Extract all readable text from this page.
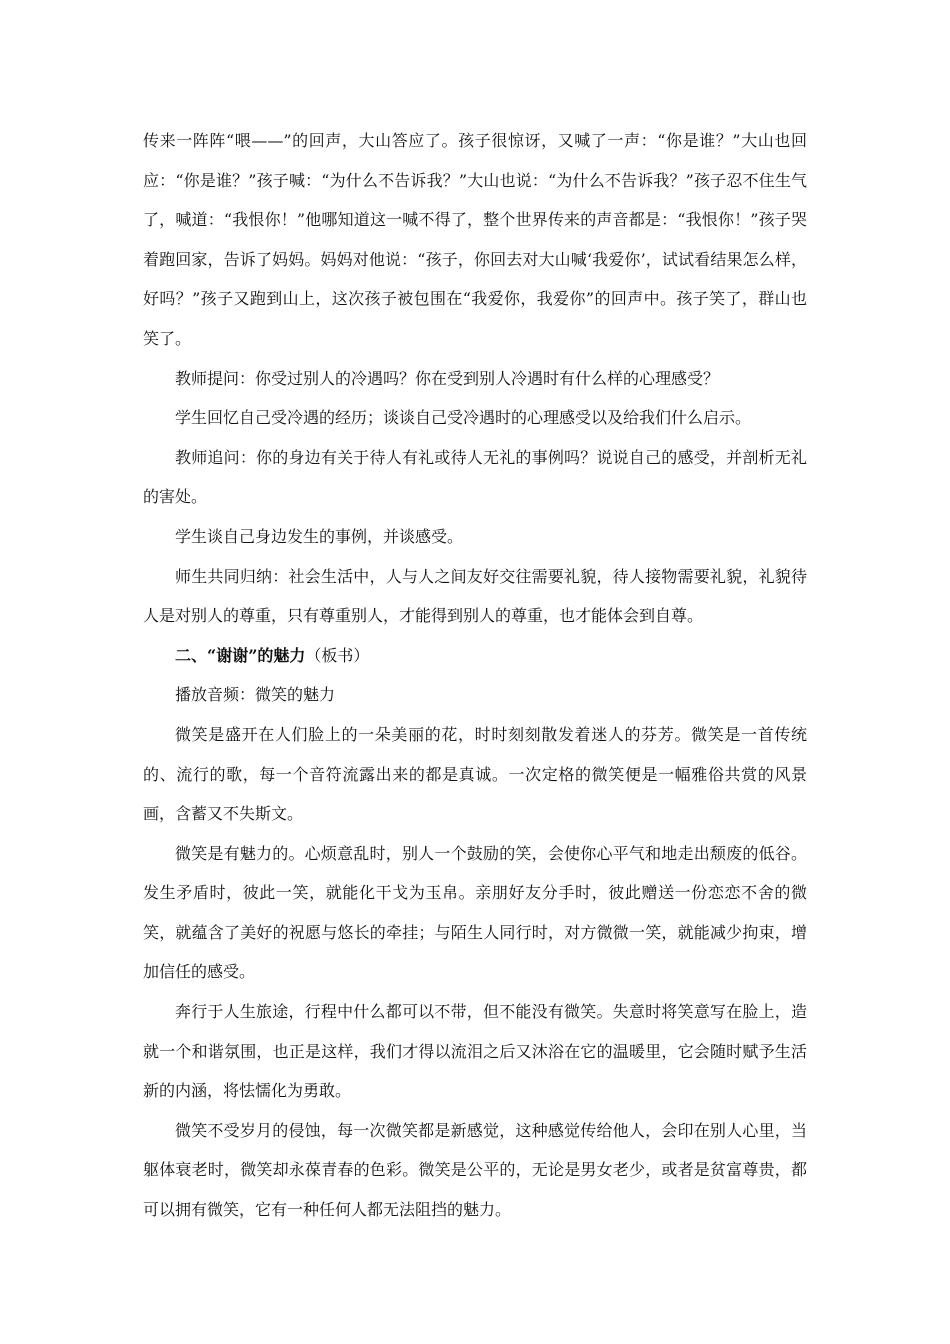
传来一阵阵“喂——”的回声，大山答应了。孩子很惊讶，又喊了一声：“你是谁？”大山也回应：“你是谁？”孩子喊：“为什么不告诉我？”大山也说：“为什么不告诉我？”孩子忍不住生气了，喊道：“我恨你！”他哪知道这一喊不得了，整个世界传来的声音都是：“我恨你！”孩子哭着跑回家，告诉了妈妈。妈妈对他说：“孩子，你回去对大山喊‘我爱你’，试试看结果怎么样，好吗？”孩子又跑到山上，这次孩子被包围在“我爱你，我爱你”的回声中。孩子笑了，群山也笑了。

教师提问：你受过别人的冷遇吗？你在受到别人冷遇时有什么样的心理感受？

学生回忆自己受冷遇的经历；谈谈自己受冷遇时的心理感受以及给我们什么启示。

教师追问：你的身边有关于待人有礼或待人无礼的事例吗？说说自己的感受，并剖析无礼的害处。

学生谈自己身边发生的事例，并谈感受。

师生共同归纳：社会生活中，人与人之间友好交往需要礼貌，待人接物需要礼貌，礼貌待人是对别人的尊重，只有尊重别人，才能得到别人的尊重，也才能体会到自尊。

二、“谢谢”的魅力（板书）

播放音频：微笑的魅力

微笑是盛开在人们脸上的一朵美丽的花，时时刻刻散发着迷人的芬芳。微笑是一首传统的、流行的歌，每一个音符流露出来的都是真诚。一次定格的微笑便是一幅雅俗共赏的风景画，含蓄又不失斯文。

微笑是有魅力的。心烦意乱时，别人一个鼓励的笑，会使你心平气和地走出颓废的低谷。发生矛盾时，彼此一笑，就能化干戈为玉帛。亲朋好友分手时，彼此赠送一份恋恋不舍的微笑，就蕴含了美好的祝愿与悠长的牵挂；与陌生人同行时，对方微微一笑，就能减少拘束，增加信任的感受。

奔行于人生旅途，行程中什么都可以不带，但不能没有微笑。失意时将笑意写在脸上，造就一个和谐氛围，也正是这样，我们才得以流泪之后又沐浴在它的温暖里，它会随时赋予生活新的内涵，将怯懦化为勇敢。

微笑不受岁月的侵蚀，每一次微笑都是新感觉，这种感觉传给他人，会印在别人心里，当躯体衰老时，微笑却永葆青春的色彩。微笑是公平的，无论是男女老少，或者是贫富尊贵，都可以拥有微笑，它有一种任何人都无法阻挡的魅力。
